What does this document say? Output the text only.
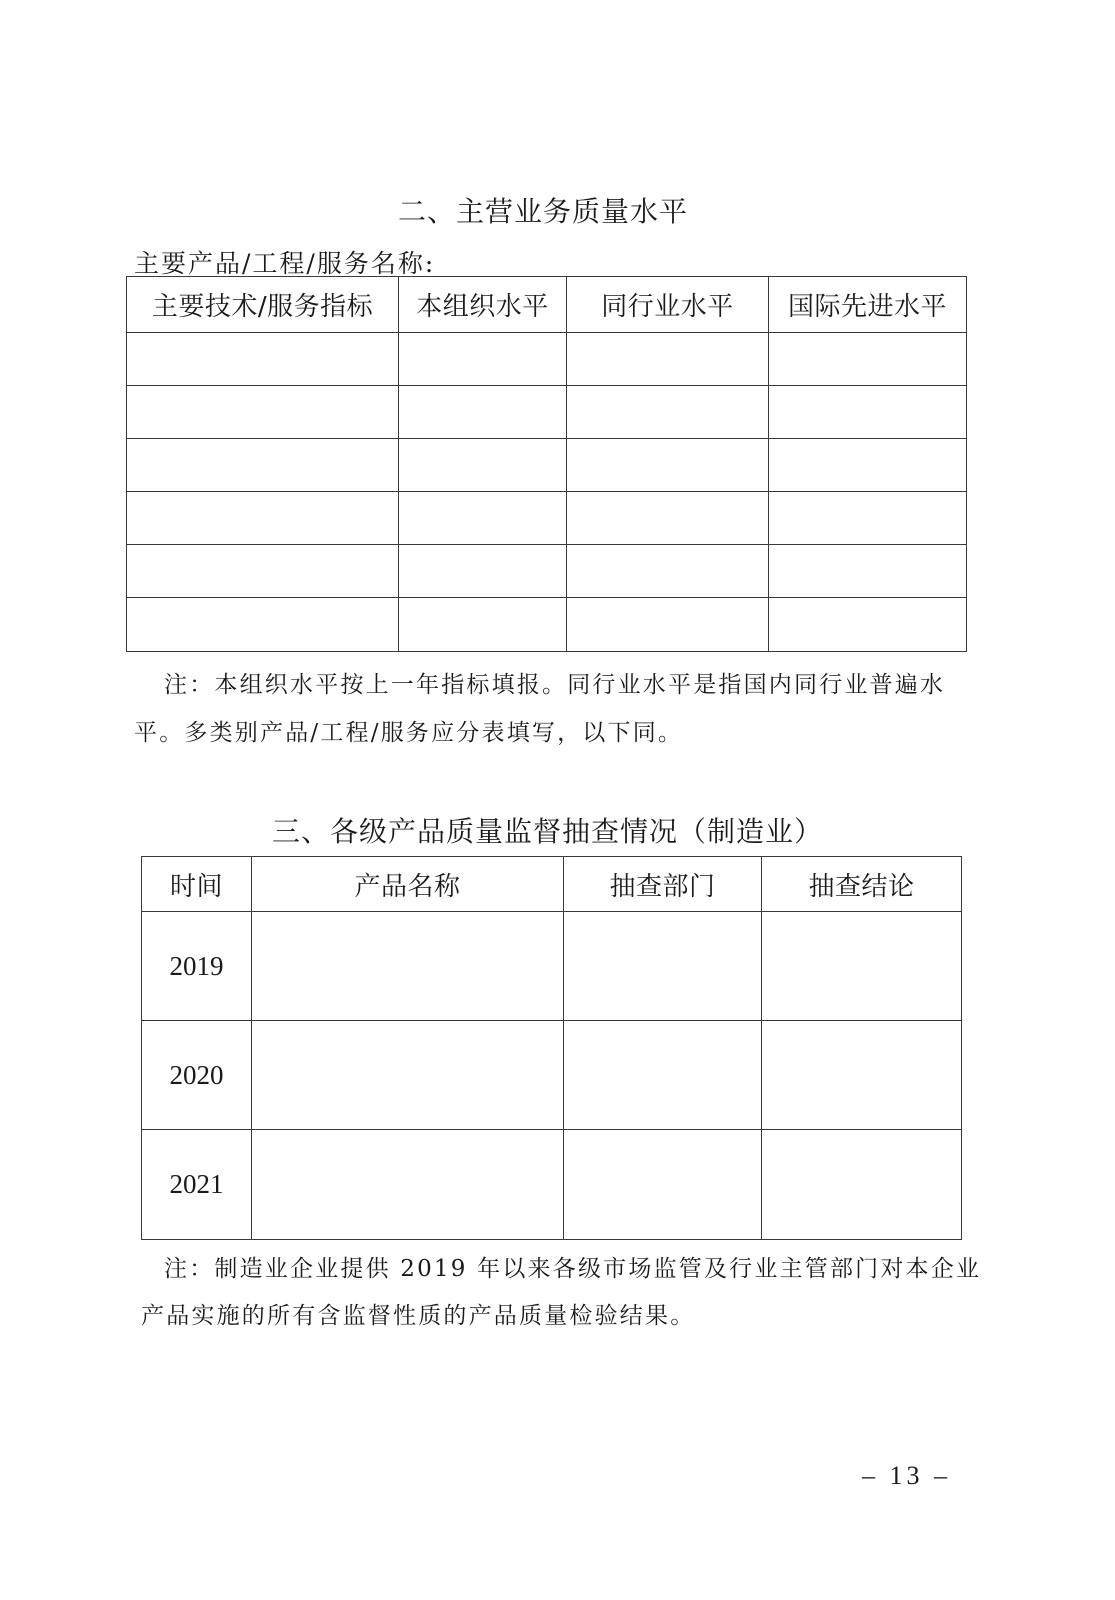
二、主营业务质量水平
主要产品/工程/服务名称:
主要技术/服务指标	本组织水平	同行业水平	国际先进水平

注：本组织水平按上一年指标填报。同行业水平是指国内同行业普遍水
平。多类别产品/工程/服务应分表填写，以下同。
三、各级产品质量监督抽查情况（制造业）
时间	产品名称	抽查部门	抽查结论
2019			
2020			
2021			
注：制造业企业提供 2019 年以来各级市场监管及行业主管部门对本企业
产品实施的所有含监督性质的产品质量检验结果。
– 13 –
